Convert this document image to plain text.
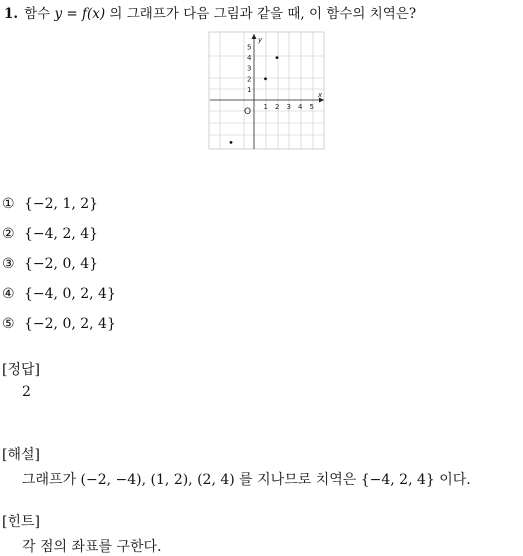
1. 함수 y = f(x) 의 그래프가 다음 그림과 같을 때, 이 함수의 치역은?
x
y
O 1 2 3 4 5
1
2
3
4
5
① {−2, 1, 2}
② {−4, 2, 4}
③ {−2, 0, 4}
④ {−4, 0, 2, 4}
⑤ {−2, 0, 2, 4}
[정답]
2
[해설]
그래프가 (−2, −4), (1, 2), (2, 4) 를 지나므로 치역은 {−4, 2, 4} 이다.
[힌트]
각 점의 좌표를 구한다.
